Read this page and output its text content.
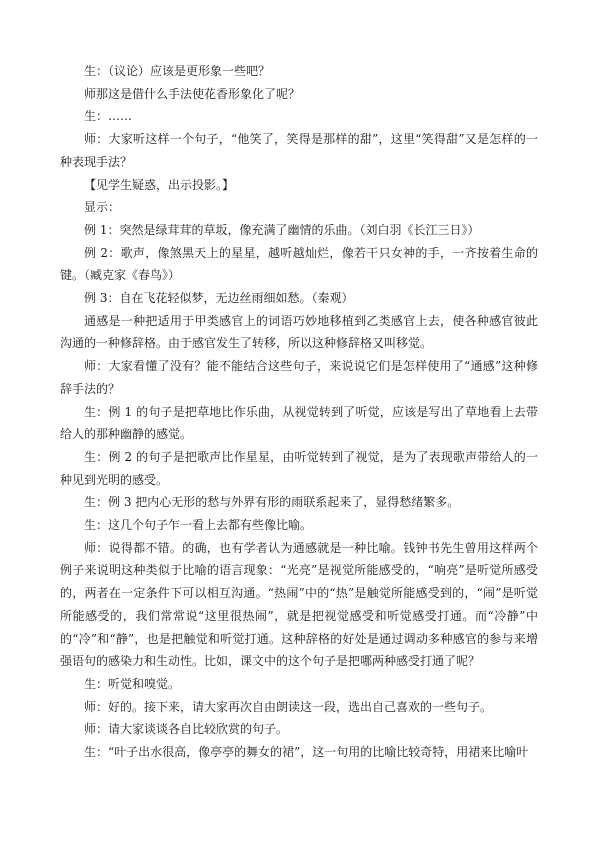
生：（议论）应该是更形象一些吧？

师那这是借什么手法使花香形象化了呢？

生：……

师：大家听这样一个句子，“他笑了，笑得是那样的甜”，这里“笑得甜”又是怎样的一种表现手法？

【见学生疑惑，出示投影。】

显示：

例 1：突然是绿茸茸的草坂，像充满了幽情的乐曲。（刘白羽《长江三日》）

例 2：歌声，像煞黑天上的星星，越听越灿烂，像若干只女神的手，一齐按着生命的键。（臧克家《春鸟》）

例 3：自在飞花轻似梦，无边丝雨细如愁。（秦观）

通感是一种把适用于甲类感官上的词语巧妙地移植到乙类感官上去，使各种感官彼此沟通的一种修辞格。由于感官发生了转移，所以这种修辞格又叫移觉。

师：大家看懂了没有？能不能结合这些句子，来说说它们是怎样使用了“通感”这种修辞手法的？

生：例 1 的句子是把草地比作乐曲，从视觉转到了听觉，应该是写出了草地看上去带给人的那种幽静的感觉。

生：例 2 的句子是把歌声比作星星，由听觉转到了视觉，是为了表现歌声带给人的一种见到光明的感受。

生：例 3 把内心无形的愁与外界有形的雨联系起来了，显得愁绪繁多。

生：这几个句子乍一看上去都有些像比喻。

师：说得都不错。的确，也有学者认为通感就是一种比喻。钱钟书先生曾用这样两个例子来说明这种类似于比喻的语言现象：“光亮”是视觉所能感受的，“响亮”是听觉所感受的，两者在一定条件下可以相互沟通。“热闹”中的“热”是触觉所能感受到的，“闹”是听觉所能感受的，我们常常说“这里很热闹”，就是把视觉感受和听觉感受打通。而“冷静”中的“冷”和“静”，也是把触觉和听觉打通。这种辞格的好处是通过调动多种感官的参与来增强语句的感染力和生动性。比如，课文中的这个句子是把哪两种感受打通了呢？

生：听觉和嗅觉。

师：好的。接下来，请大家再次自由朗读这一段，选出自己喜欢的一些句子。

师：请大家谈谈各自比较欣赏的句子。

生：“叶子出水很高，像亭亭的舞女的裙”，这一句用的比喻比较奇特，用裙来比喻叶
